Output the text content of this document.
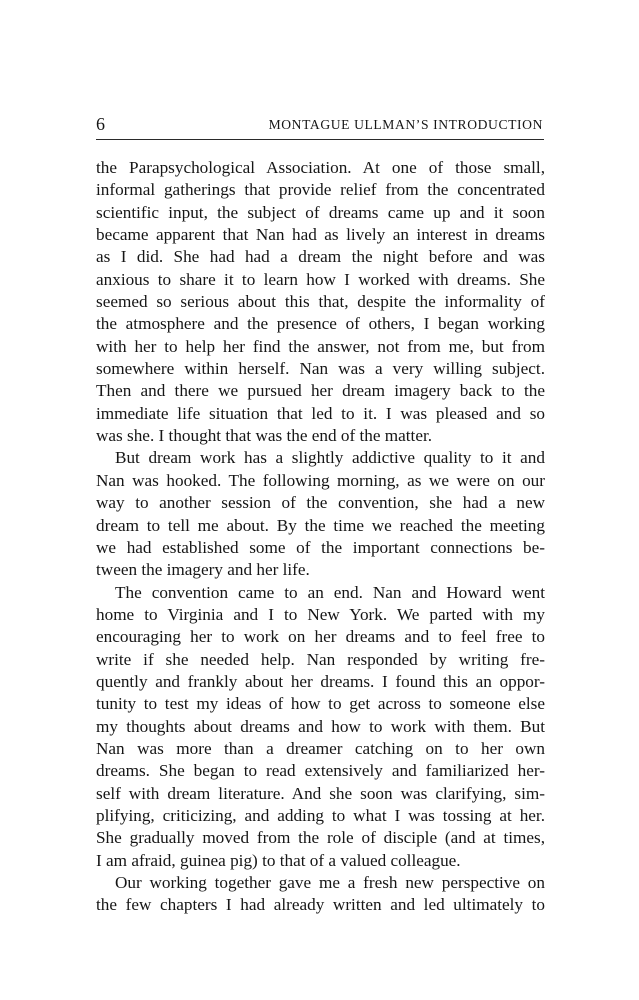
6	MONTAGUE ULLMAN’S INTRODUCTION

the Parapsychological Association. At one of those small,
informal gatherings that provide relief from the concentrated
scientific input, the subject of dreams came up and it soon
became apparent that Nan had as lively an interest in dreams
as I did. She had had a dream the night before and was
anxious to share it to learn how I worked with dreams. She
seemed so serious about this that, despite the informality of
the atmosphere and the presence of others, I began working
with her to help her find the answer, not from me, but from
somewhere within herself. Nan was a very willing subject.
Then and there we pursued her dream imagery back to the
immediate life situation that led to it. I was pleased and so
was she. I thought that was the end of the matter.

But dream work has a slightly addictive quality to it and
Nan was hooked. The following morning, as we were on our
way to another session of the convention, she had a new
dream to tell me about. By the time we reached the meeting
we had established some of the important connections be-
tween the imagery and her life.

The convention came to an end. Nan and Howard went
home to Virginia and I to New York. We parted with my
encouraging her to work on her dreams and to feel free to
write if she needed help. Nan responded by writing fre-
quently and frankly about her dreams. I found this an oppor-
tunity to test my ideas of how to get across to someone else
my thoughts about dreams and how to work with them. But
Nan was more than a dreamer catching on to her own
dreams. She began to read extensively and familiarized her-
self with dream literature. And she soon was clarifying, sim-
plifying, criticizing, and adding to what I was tossing at her.
She gradually moved from the role of disciple (and at times,
I am afraid, guinea pig) to that of a valued colleague.

Our working together gave me a fresh new perspective on
the few chapters I had already written and led ultimately to
